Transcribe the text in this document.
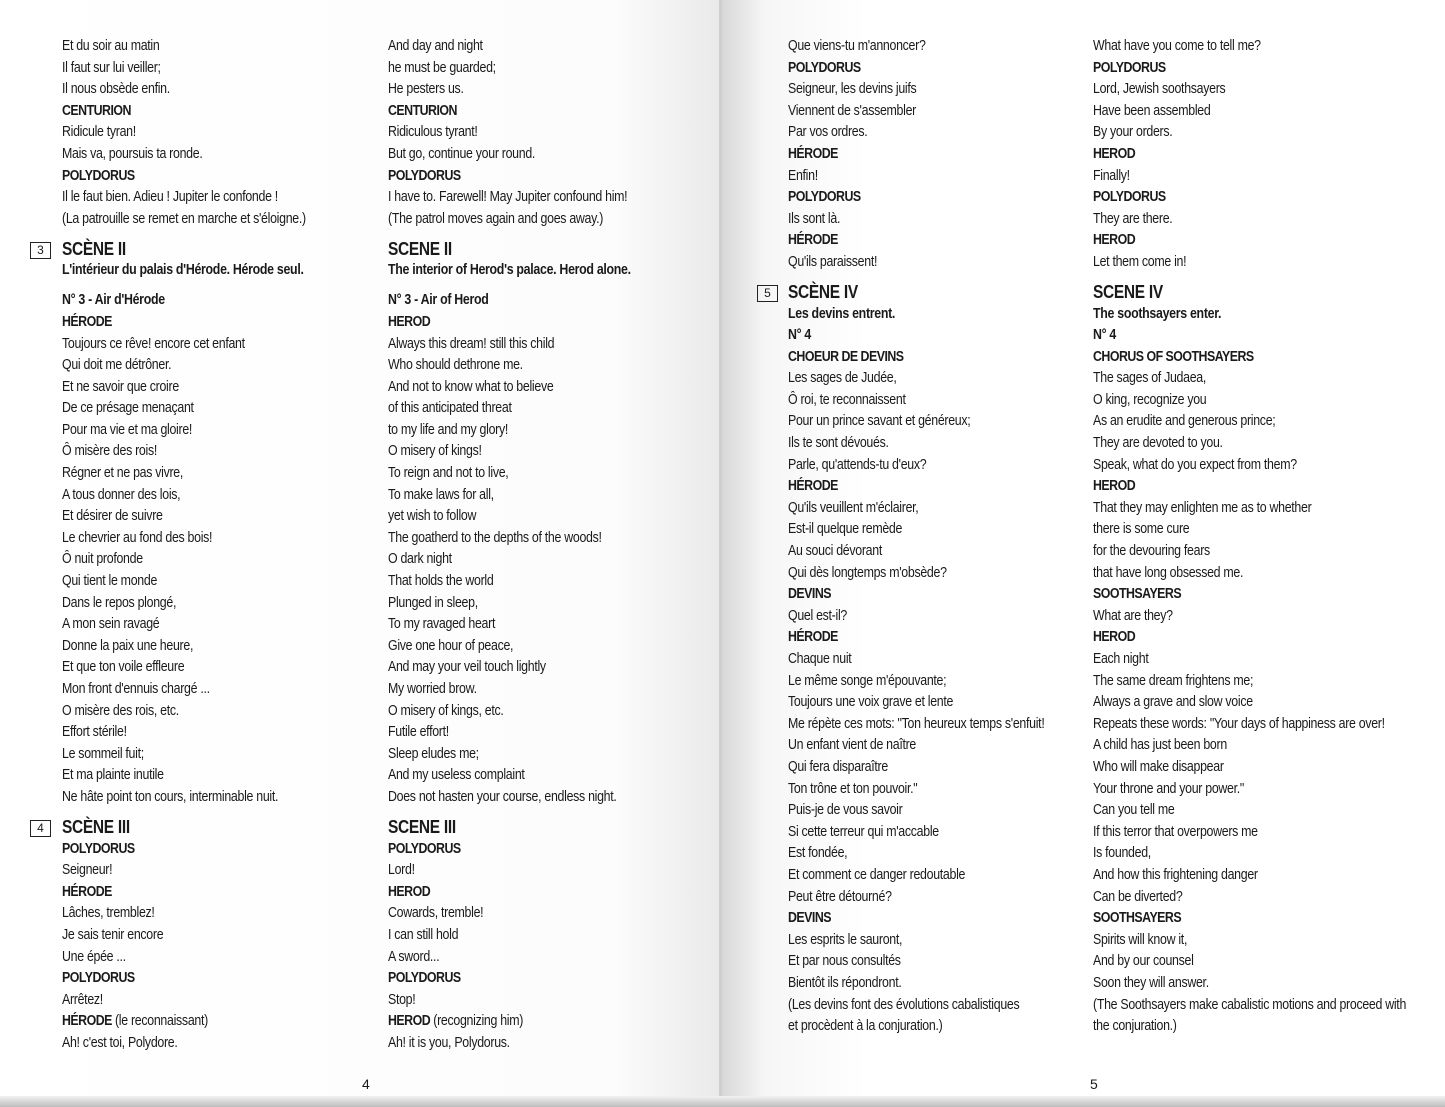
Et du soir au matin
Il faut sur lui veiller;
Il nous obsède enfin.
CENTURION
Ridicule tyran!
Mais va, poursuis ta ronde.
POLYDORUS
Il le faut bien. Adieu ! Jupiter le confonde !
(La patrouille se remet en marche et s'éloigne.)
SCÈNE II
L'intérieur du palais d'Hérode. Hérode seul.
N° 3 - Air d'Hérode
HÉRODE
Toujours ce rêve! encore cet enfant
Qui doit me détrôner.
Et ne savoir que croire
De ce présage menaçant
Pour ma vie et ma gloire!
Ô misère des rois!
Régner et ne pas vivre,
A tous donner des lois,
Et désirer de suivre
Le chevrier au fond des bois!
Ô nuit profonde
Qui tient le monde
Dans le repos plongé,
A mon sein ravagé
Donne la paix une heure,
Et que ton voile effleure
Mon front d'ennuis chargé ...
O misère des rois, etc.
Effort stérile!
Le sommeil fuit;
Et ma plainte inutile
Ne hâte point ton cours, interminable nuit.
SCÈNE III
POLYDORUS
Seigneur!
HÉRODE
Lâches, tremblez!
Je sais tenir encore
Une épée ...
POLYDORUS
Arrêtez!
HÉRODE (le reconnaissant)
Ah! c'est toi, Polydore.
And day and night
he must be guarded;
He pesters us.
CENTURION
Ridiculous tyrant!
But go, continue your round.
POLYDORUS
I have to. Farewell! May Jupiter confound him!
(The patrol moves again and goes away.)
SCENE II
The interior of Herod's palace. Herod alone.
N° 3 - Air of Herod
HEROD
Always this dream! still this child
Who should dethrone me.
And not to know what to believe
of this anticipated threat
to my life and my glory!
O misery of kings!
To reign and not to live,
To make laws for all,
yet wish to follow
The goatherd to the depths of the woods!
O dark night
That holds the world
Plunged in sleep,
To my ravaged heart
Give one hour of peace,
And may your veil touch lightly
My worried brow.
O misery of kings, etc.
Futile effort!
Sleep eludes me;
And my useless complaint
Does not hasten your course, endless night.
SCENE III
POLYDORUS
Lord!
HEROD
Cowards, tremble!
I can still hold
A sword...
POLYDORUS
Stop!
HEROD (recognizing him)
Ah! it is you, Polydorus.
4
3
4
Que viens-tu m'annoncer?
POLYDORUS
Seigneur, les devins juifs
Viennent de s'assembler
Par vos ordres.
HÉRODE
Enfin!
POLYDORUS
Ils sont là.
HÉRODE
Qu'ils paraissent!
SCÈNE IV
Les devins entrent.
N° 4
CHOEUR DE DEVINS
Les sages de Judée,
Ô roi, te reconnaissent
Pour un prince savant et généreux;
Ils te sont dévoués.
Parle, qu'attends-tu d'eux?
HÉRODE
Qu'ils veuillent m'éclairer,
Est-il quelque remède
Au souci dévorant
Qui dès longtemps m'obsède?
DEVINS
Quel est-il?
HÉRODE
Chaque nuit
Le même songe m'épouvante;
Toujours une voix grave et lente
Me répète ces mots: "Ton heureux temps s'enfuit!
Un enfant vient de naître
Qui fera disparaître
Ton trône et ton pouvoir."
Puis-je de vous savoir
Si cette terreur qui m'accable
Est fondée,
Et comment ce danger redoutable
Peut être détourné?
DEVINS
Les esprits le sauront,
Et par nous consultés
Bientôt ils répondront.
(Les devins font des évolutions cabalistiques
et procèdent à la conjuration.)
What have you come to tell me?
POLYDORUS
Lord, Jewish soothsayers
Have been assembled
By your orders.
HEROD
Finally!
POLYDORUS
They are there.
HEROD
Let them come in!
SCENE IV
The soothsayers enter.
N° 4
CHORUS OF SOOTHSAYERS
The sages of Judaea,
O king, recognize you
As an erudite and generous prince;
They are devoted to you.
Speak, what do you expect from them?
HEROD
That they may enlighten me as to whether
there is some cure
for the devouring fears
that have long obsessed me.
SOOTHSAYERS
What are they?
HEROD
Each night
The same dream frightens me;
Always a grave and slow voice
Repeats these words: "Your days of happiness are over!
A child has just been born
Who will make disappear
Your throne and your power."
Can you tell me
If this terror that overpowers me
Is founded,
And how this frightening danger
Can be diverted?
SOOTHSAYERS
Spirits will know it,
And by our counsel
Soon they will answer.
(The Soothsayers make cabalistic motions and proceed with the conjuration.)
5
5
